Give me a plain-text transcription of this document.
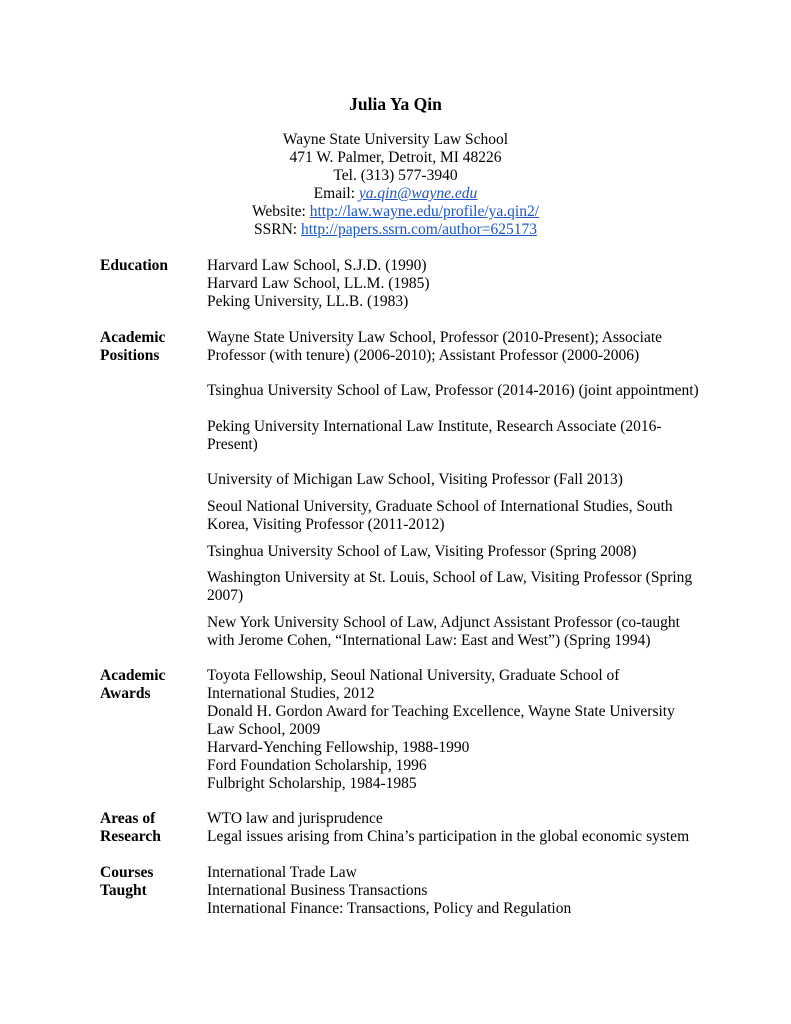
Julia Ya Qin
Wayne State University Law School
471 W. Palmer, Detroit, MI 48226
Tel. (313) 577-3940
Email: ya.qin@wayne.edu
Website: http://law.wayne.edu/profile/ya.qin2/
SSRN: http://papers.ssrn.com/author=625173
Education	Harvard Law School, S.J.D. (1990)
Harvard Law School, LL.M. (1985)
Peking University, LL.B. (1983)
Academic
Positions
Wayne State University Law School, Professor (2010-Present); Associate
Professor (with tenure) (2006-2010); Assistant Professor (2000-2006)
Tsinghua University School of Law, Professor (2014-2016) (joint appointment)
Peking University International Law Institute, Research Associate (2016-
Present)
University of Michigan Law School, Visiting Professor (Fall 2013)
Seoul National University, Graduate School of International Studies, South
Korea, Visiting Professor (2011-2012)
Tsinghua University School of Law, Visiting Professor (Spring 2008)
Washington University at St. Louis, School of Law, Visiting Professor (Spring
2007)
New York University School of Law, Adjunct Assistant Professor (co-taught
with Jerome Cohen, “International Law: East and West”) (Spring 1994)
Academic
Awards
Toyota Fellowship, Seoul National University, Graduate School of
International Studies, 2012
Donald H. Gordon Award for Teaching Excellence, Wayne State University
Law School, 2009
Harvard-Yenching Fellowship, 1988-1990
Ford Foundation Scholarship, 1996
Fulbright Scholarship, 1984-1985
Areas of
Research
WTO law and jurisprudence
Legal issues arising from China’s participation in the global economic system
Courses
Taught
International Trade Law
International Business Transactions
International Finance: Transactions, Policy and Regulation
